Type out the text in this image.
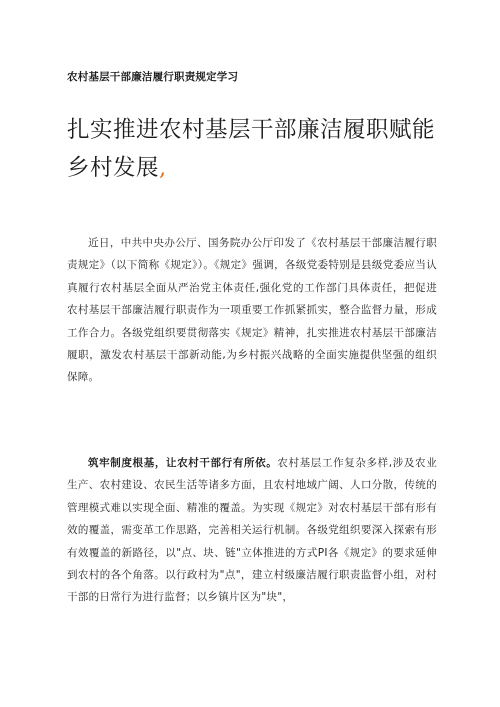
农村基层干部廉洁履行职责规定学习
扎实推进农村基层干部廉洁履职赋能乡村发展,
近日，中共中央办公厅、国务院办公厅印发了《农村基层干部廉洁履行职责规定》（以下简称《规定》）。《规定》强调，各级党委特别是县级党委应当认真履行农村基层全面从严治党主体责任,强化党的工作部门具体责任，把促进农村基层干部廉洁履行职责作为一项重要工作抓紧抓实，整合监督力量，形成工作合力。各级党组织要贯彻落实《规定》精神，扎实推进农村基层干部廉洁履职，激发农村基层干部新动能,为乡村振兴战略的全面实施提供坚强的组织保障。
筑牢制度根基，让农村干部行有所依。农村基层工作复杂多样,涉及农业生产、农村建设、农民生活等诸多方面，且农村地域广阔、人口分散，传统的管理模式难以实现全面、精准的覆盖。为实现《规定》对农村基层干部有形有效的覆盖，需变革工作思路，完善相关运行机制。各级党组织要深入探索有形有效覆盖的新路径，以"点、块、链"立体推进的方式PI各《规定》的要求延伸到农村的各个角落。以行政村为"点"，建立村级廉洁履行职责监督小组，对村干部的日常行为进行监督；以乡镇片区为"块"，
